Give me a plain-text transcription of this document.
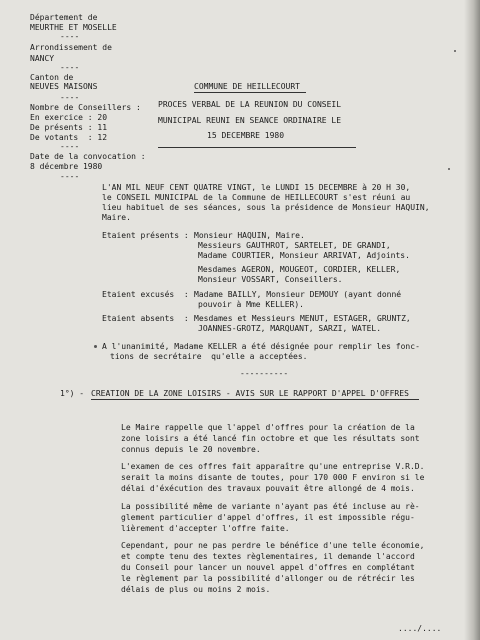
Département de
MEURTHE ET MOSELLE
----
Arrondissement de
NANCY
----
Canton de
NEUVES MAISONS
----
Nombre de Conseillers :
En exercice : 20
De présents : 11
De votants  : 12
----
Date de la convocation :
8 décembre 1980
----
COMMUNE DE HEILLECOURT
PROCES VERBAL DE LA REUNION DU CONSEIL
MUNICIPAL REUNI EN SEANCE ORDINAIRE LE
15 DECEMBRE 1980
L'AN MIL NEUF CENT QUATRE VINGT, le LUNDI 15 DECEMBRE à 20 H 30,
le CONSEIL MUNICIPAL de la Commune de HEILLECOURT s'est réuni au
lieu habituel de ses séances, sous la présidence de Monsieur HAQUIN,
Maire.
Etaient présents : Monsieur HAQUIN, Maire.
Messieurs GAUTHROT, SARTELET, DE GRANDI,
Madame COURTIER, Monsieur ARRIVAT, Adjoints.
Mesdames AGERON, MOUGEOT, CORDIER, KELLER,
Monsieur VOSSART, Conseillers.
Etaient excusés  : Madame BAILLY, Monsieur DEMOUY (ayant donné
pouvoir à Mme KELLER).
Etaient absents  : Mesdames et Messieurs MENUT, ESTAGER, GRUNTZ,
JOANNES-GROTZ, MARQUANT, SARZI, WATEL.
A l'unanimité, Madame KELLER a été désignée pour remplir les fonc-
tions de secrétaire  qu'elle a acceptées.
----------
1°) - CREATION DE LA ZONE LOISIRS - AVIS SUR LE RAPPORT D'APPEL D'OFFRES
Le Maire rappelle que l'appel d'offres pour la création de la
zone loisirs a été lancé fin octobre et que les résultats sont
connus depuis le 20 novembre.
L'examen de ces offres fait apparaître qu'une entreprise V.R.D.
serait la moins disante de toutes, pour 170 000 F environ si le
délai d'éxécution des travaux pouvait être allongé de 4 mois.
La possibilité même de variante n'ayant pas été incluse au rè-
glement particulier d'appel d'offres, il est impossible régu-
lièrement d'accepter l'offre faite.
Cependant, pour ne pas perdre le bénéfice d'une telle économie,
et compte tenu des textes règlementaires, il demande l'accord
du Conseil pour lancer un nouvel appel d'offres en complétant
le règlement par la possibilité d'allonger ou de rétrécir les
délais de plus ou moins 2 mois.
..../....
